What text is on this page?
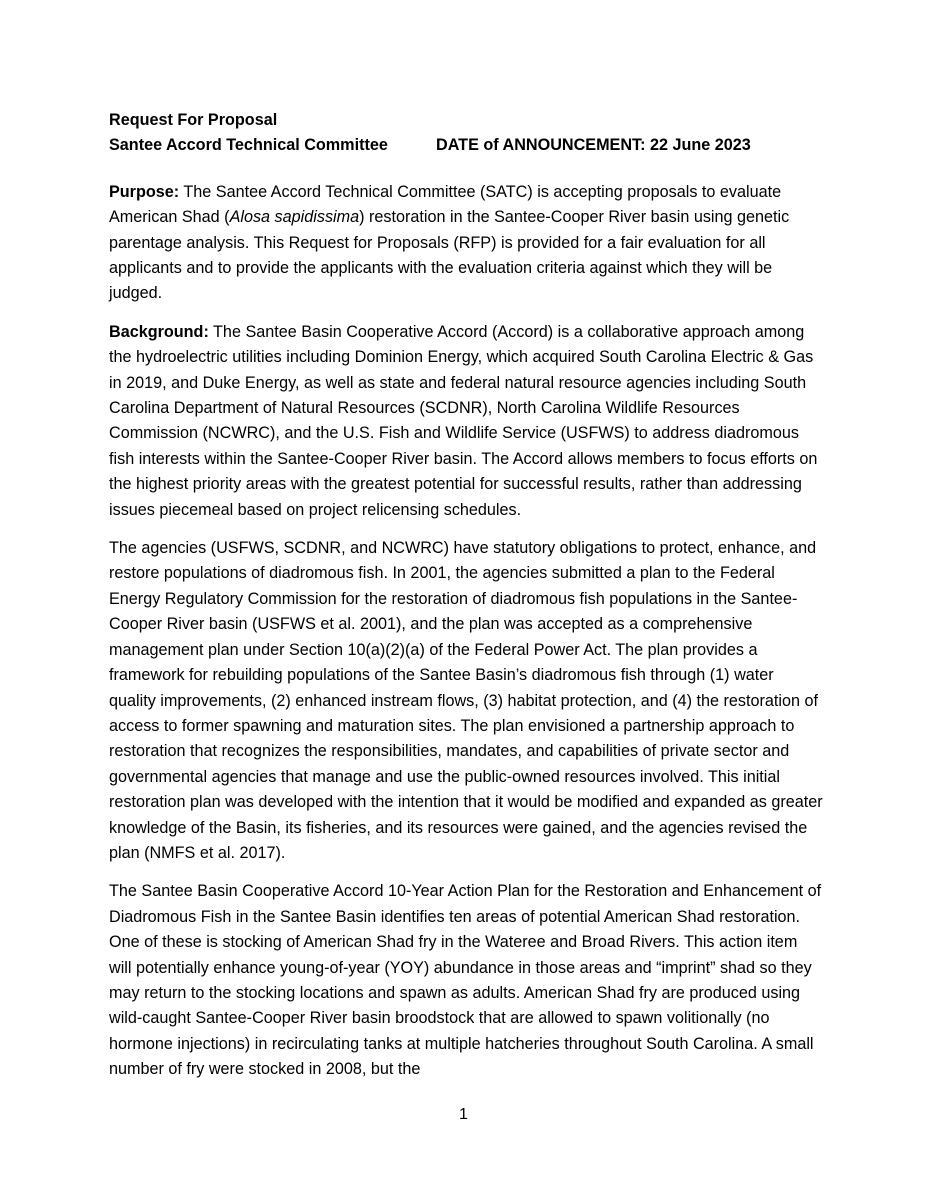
Request For Proposal
Santee Accord Technical Committee	DATE of ANNOUNCEMENT: 22 June 2023

Purpose: The Santee Accord Technical Committee (SATC) is accepting proposals to evaluate American Shad (Alosa sapidissima) restoration in the Santee-Cooper River basin using genetic parentage analysis. This Request for Proposals (RFP) is provided for a fair evaluation for all applicants and to provide the applicants with the evaluation criteria against which they will be judged.

Background: The Santee Basin Cooperative Accord (Accord) is a collaborative approach among the hydroelectric utilities including Dominion Energy, which acquired South Carolina Electric & Gas in 2019, and Duke Energy, as well as state and federal natural resource agencies including South Carolina Department of Natural Resources (SCDNR), North Carolina Wildlife Resources Commission (NCWRC), and the U.S. Fish and Wildlife Service (USFWS) to address diadromous fish interests within the Santee-Cooper River basin. The Accord allows members to focus efforts on the highest priority areas with the greatest potential for successful results, rather than addressing issues piecemeal based on project relicensing schedules.

The agencies (USFWS, SCDNR, and NCWRC) have statutory obligations to protect, enhance, and restore populations of diadromous fish. In 2001, the agencies submitted a plan to the Federal Energy Regulatory Commission for the restoration of diadromous fish populations in the Santee-Cooper River basin (USFWS et al. 2001), and the plan was accepted as a comprehensive management plan under Section 10(a)(2)(a) of the Federal Power Act. The plan provides a framework for rebuilding populations of the Santee Basin’s diadromous fish through (1) water quality improvements, (2) enhanced instream flows, (3) habitat protection, and (4) the restoration of access to former spawning and maturation sites. The plan envisioned a partnership approach to restoration that recognizes the responsibilities, mandates, and capabilities of private sector and governmental agencies that manage and use the public-owned resources involved. This initial restoration plan was developed with the intention that it would be modified and expanded as greater knowledge of the Basin, its fisheries, and its resources were gained, and the agencies revised the plan (NMFS et al. 2017).

The Santee Basin Cooperative Accord 10-Year Action Plan for the Restoration and Enhancement of Diadromous Fish in the Santee Basin identifies ten areas of potential American Shad restoration. One of these is stocking of American Shad fry in the Wateree and Broad Rivers. This action item will potentially enhance young-of-year (YOY) abundance in those areas and “imprint” shad so they may return to the stocking locations and spawn as adults. American Shad fry are produced using wild-caught Santee-Cooper River basin broodstock that are allowed to spawn volitionally (no hormone injections) in recirculating tanks at multiple hatcheries throughout South Carolina. A small number of fry were stocked in 2008, but the

1
